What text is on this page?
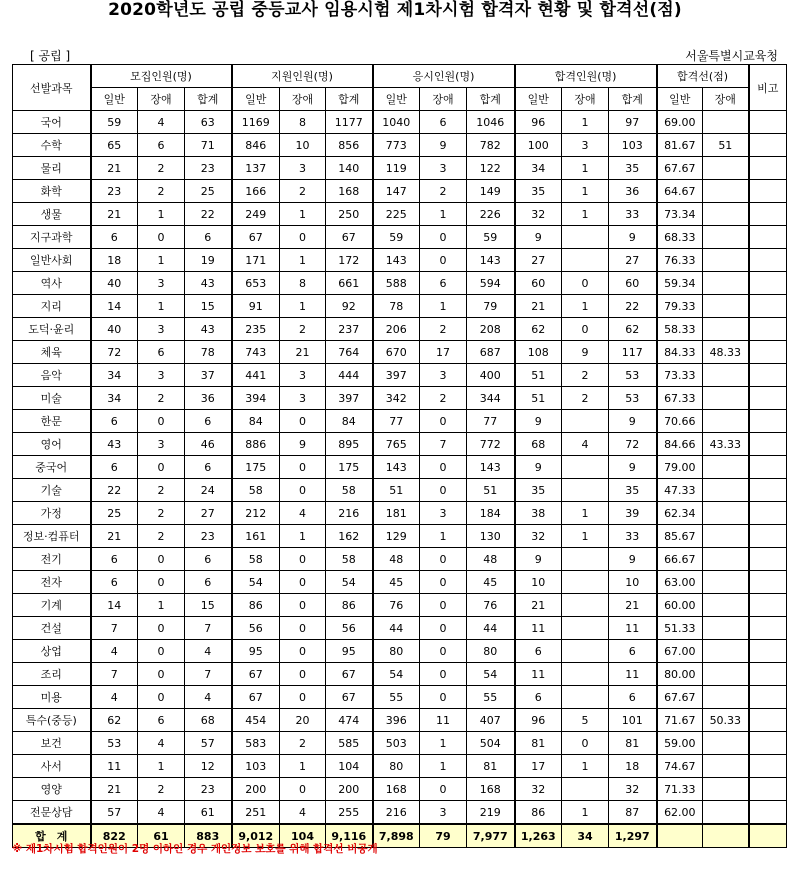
2020학년도 공립 중등교사 임용시험 제1차시험 합격자 현황 및 합격선(점)
[ 공립 ]	서울특별시교육청
선발과목	모집인원(명)			지원인원(명)			응시인원(명)			합격인원(명)			합격선(점)		비고
	일반	장애	합계	일반	장애	합계	일반	장애	합계	일반	장애	합계	일반	장애	
국어	59	4	63	1169	8	1177	1040	6	1046	96	1	97	69.00		
수학	65	6	71	846	10	856	773	9	782	100	3	103	81.67	51	
물리	21	2	23	137	3	140	119	3	122	34	1	35	67.67		
화학	23	2	25	166	2	168	147	2	149	35	1	36	64.67		
생물	21	1	22	249	1	250	225	1	226	32	1	33	73.34		
지구과학	6	0	6	67	0	67	59	0	59	9		9	68.33		
일반사회	18	1	19	171	1	172	143	0	143	27		27	76.33		
역사	40	3	43	653	8	661	588	6	594	60	0	60	59.34		
지리	14	1	15	91	1	92	78	1	79	21	1	22	79.33		
도덕·윤리	40	3	43	235	2	237	206	2	208	62	0	62	58.33		
체육	72	6	78	743	21	764	670	17	687	108	9	117	84.33	48.33	
음악	34	3	37	441	3	444	397	3	400	51	2	53	73.33		
미술	34	2	36	394	3	397	342	2	344	51	2	53	67.33		
한문	6	0	6	84	0	84	77	0	77	9		9	70.66		
영어	43	3	46	886	9	895	765	7	772	68	4	72	84.66	43.33	
중국어	6	0	6	175	0	175	143	0	143	9		9	79.00		
기술	22	2	24	58	0	58	51	0	51	35		35	47.33		
가정	25	2	27	212	4	216	181	3	184	38	1	39	62.34		
정보·컴퓨터	21	2	23	161	1	162	129	1	130	32	1	33	85.67		
전기	6	0	6	58	0	58	48	0	48	9		9	66.67		
전자	6	0	6	54	0	54	45	0	45	10		10	63.00		
기계	14	1	15	86	0	86	76	0	76	21		21	60.00		
건설	7	0	7	56	0	56	44	0	44	11		11	51.33		
상업	4	0	4	95	0	95	80	0	80	6		6	67.00		
조리	7	0	7	67	0	67	54	0	54	11		11	80.00		
미용	4	0	4	67	0	67	55	0	55	6		6	67.67		
특수(중등)	62	6	68	454	20	474	396	11	407	96	5	101	71.67	50.33	
보건	53	4	57	583	2	585	503	1	504	81	0	81	59.00		
사서	11	1	12	103	1	104	80	1	81	17	1	18	74.67		
영양	21	2	23	200	0	200	168	0	168	32		32	71.33		
전문상담	57	4	61	251	4	255	216	3	219	86	1	87	62.00		
합　계	822	61	883	9,012	104	9,116	7,898	79	7,977	1,263	34	1,297			
※ 제1차시험 합격인원이 2명 이하인 경우 개인정보 보호를 위해 합격선 비공개
